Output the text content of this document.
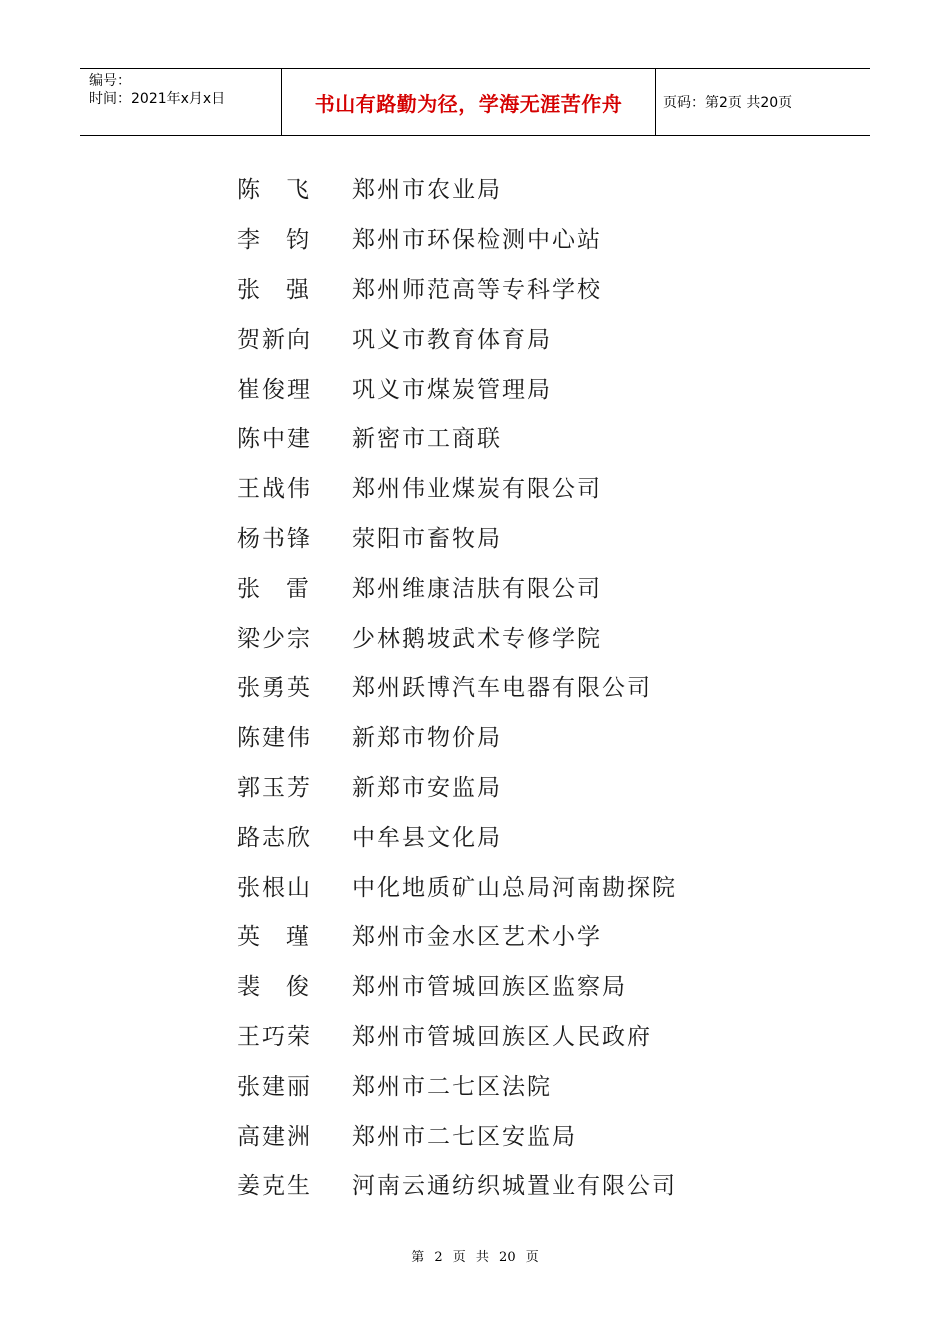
编号：
时间：2021年x月x日	书山有路勤为径，学海无涯苦作舟	页码：第2页 共20页
陈飞 郑州市农业局
李钧 郑州市环保检测中心站
张强 郑州师范高等专科学校
贺新向	巩义市教育体育局
崔俊理	巩义市煤炭管理局
陈中建	新密市工商联
王战伟	郑州伟业煤炭有限公司
杨书锋	荥阳市畜牧局
张雷 郑州维康洁肤有限公司
梁少宗	少林鹅坡武术专修学院
张勇英	郑州跃博汽车电器有限公司
陈建伟	新郑市物价局
郭玉芳	新郑市安监局
路志欣	中牟县文化局
张根山	中化地质矿山总局河南勘探院
英瑾 郑州市金水区艺术小学
裴俊 郑州市管城回族区监察局
王巧荣	郑州市管城回族区人民政府
张建丽	郑州市二七区法院
高建洲	郑州市二七区安监局
姜克生	河南云通纺织城置业有限公司
第 2 页 共 20 页
